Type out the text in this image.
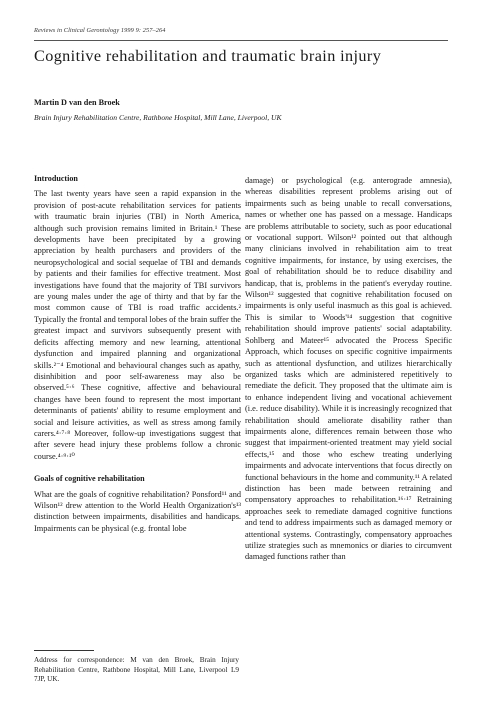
Reviews in Clinical Gerontology 1999 9: 257–264
Cognitive rehabilitation and traumatic brain injury
Martin D van den Broek
Brain Injury Rehabilitation Centre, Rathbone Hospital, Mill Lane, Liverpool, UK
Introduction

The last twenty years have seen a rapid expansion in the provision of post-acute rehabilitation services for patients with traumatic brain injuries (TBI) in North America, although such provision remains limited in Britain.¹ These developments have been precipitated by a growing appreciation by health purchasers and providers of the neuropsychological and social sequelae of TBI and demands by patients and their families for effective treatment. Most investigations have found that the majority of TBI survivors are young males under the age of thirty and that by far the most common cause of TBI is road traffic accidents.² Typically the frontal and temporal lobes of the brain suffer the greatest impact and survivors subsequently present with deficits affecting memory and new learning, attentional dysfunction and impaired planning and organizational skills.²⁻⁴ Emotional and behavioural changes such as apathy, disinhibition and poor self-awareness may also be observed.⁵·⁶ These cognitive, affective and behavioural changes have been found to represent the most important determinants of patients' ability to resume employment and social and leisure activities, as well as stress among family carers.⁴·⁷·⁸ Moreover, follow-up investigations suggest that after severe head injury these problems follow a chronic course.⁴·⁹·¹⁰

Goals of cognitive rehabilitation

What are the goals of cognitive rehabilitation? Ponsford¹¹ and Wilson¹² drew attention to the World Health Organization's¹³ distinction between impairments, disabilities and handicaps. Impairments can be physical (e.g. frontal lobe

Address for correspondence: M van den Broek, Brain Injury Rehabilitation Centre, Rathbone Hospital, Mill Lane, Liverpool L9 7JP, UK.

damage) or psychological (e.g. anterograde amnesia), whereas disabilities represent problems arising out of impairments such as being unable to recall conversations, names or whether one has passed on a message. Handicaps are problems attributable to society, such as poor educational or vocational support. Wilson¹² pointed out that although many clinicians involved in rehabilitation aim to treat cognitive impairments, for instance, by using exercises, the goal of rehabilitation should be to reduce disability and handicap, that is, problems in the patient's everyday routine. Wilson¹² suggested that cognitive rehabilitation focused on impairments is only useful inasmuch as this goal is achieved. This is similar to Woods'¹⁴ suggestion that cognitive rehabilitation should improve patients' social adaptability. Sohlberg and Mateer¹⁵ advocated the Process Specific Approach, which focuses on specific cognitive impairments such as attentional dysfunction, and utilizes hierarchically organized tasks which are administered repetitively to remediate the deficit. They proposed that the ultimate aim is to enhance independent living and vocational achievement (i.e. reduce disability). While it is increasingly recognized that rehabilitation should ameliorate disability rather than impairments alone, differences remain between those who suggest that impairment-oriented treatment may yield social effects,¹⁵ and those who eschew treating underlying impairments and advocate interventions that focus directly on functional behaviours in the home and community.¹¹ A related distinction has been made between retraining and compensatory approaches to rehabilitation.¹⁶·¹⁷ Retraining approaches seek to remediate damaged cognitive functions and tend to address impairments such as damaged memory or attentional systems. Contrastingly, compensatory approaches utilize strategies such as mnemonics or diaries to circumvent damaged functions rather than
